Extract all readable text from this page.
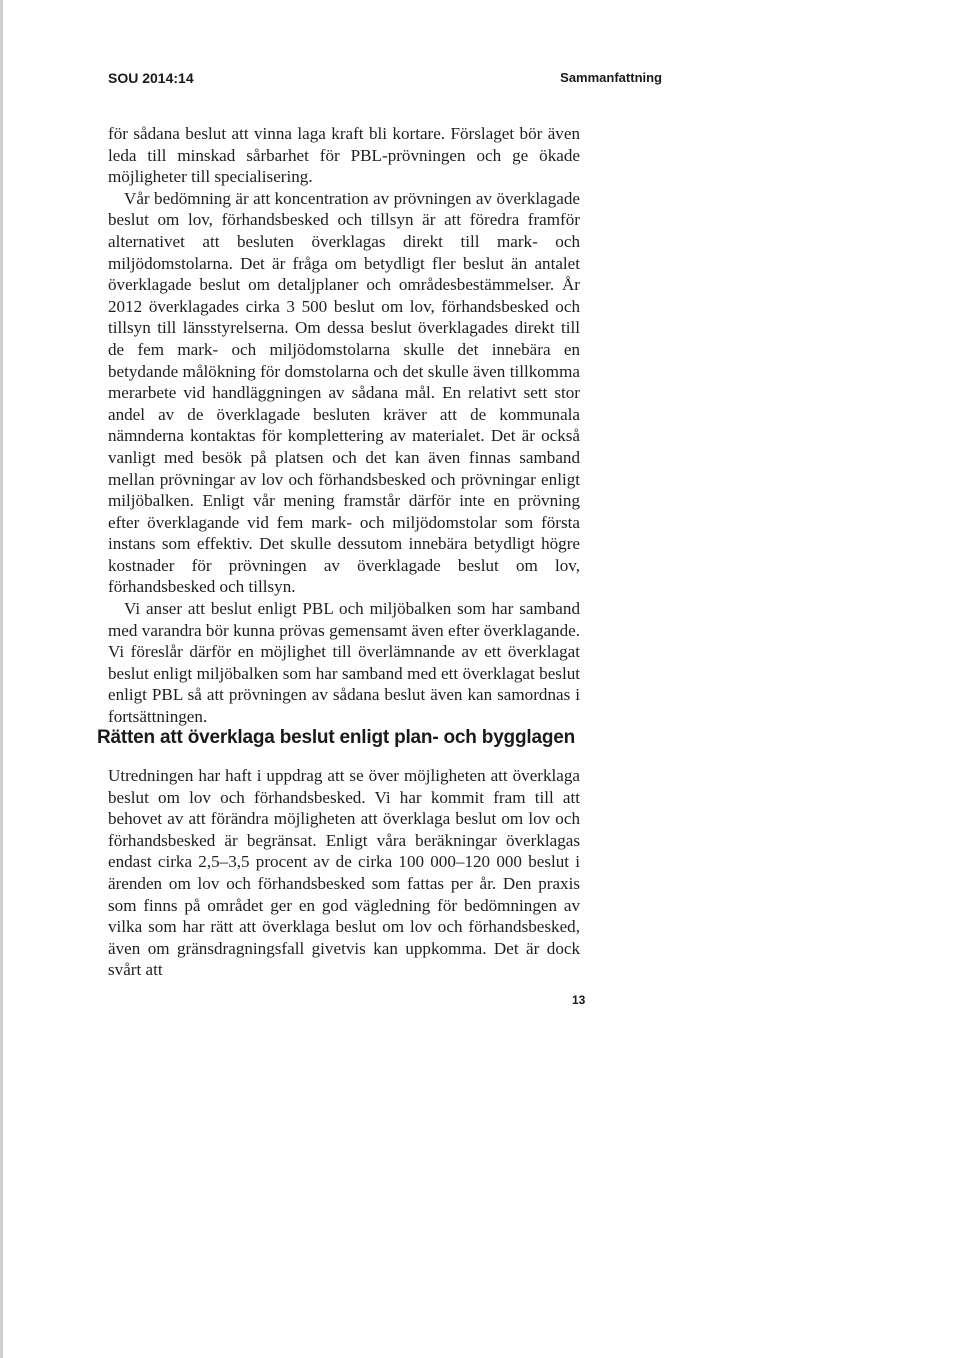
SOU 2014:14	Sammanfattning

för sådana beslut att vinna laga kraft bli kortare. Förslaget bör även leda till minskad sårbarhet för PBL-prövningen och ge ökade möjligheter till specialisering.

Vår bedömning är att koncentration av prövningen av överklagade beslut om lov, förhandsbesked och tillsyn är att föredra framför alternativet att besluten överklagas direkt till mark- och miljödomstolarna. Det är fråga om betydligt fler beslut än antalet överklagade beslut om detaljplaner och områdesbestämmelser. År 2012 överklagades cirka 3 500 beslut om lov, förhandsbesked och tillsyn till länsstyrelserna. Om dessa beslut överklagades direkt till de fem mark- och miljödomstolarna skulle det innebära en betydande målökning för domstolarna och det skulle även tillkomma merarbete vid handläggningen av sådana mål. En relativt sett stor andel av de överklagade besluten kräver att de kommunala nämnderna kontaktas för komplettering av materialet. Det är också vanligt med besök på platsen och det kan även finnas samband mellan prövningar av lov och förhandsbesked och prövningar enligt miljöbalken. Enligt vår mening framstår därför inte en prövning efter överklagande vid fem mark- och miljödomstolar som första instans som effektiv. Det skulle dessutom innebära betydligt högre kostnader för prövningen av överklagade beslut om lov, förhandsbesked och tillsyn.

Vi anser att beslut enligt PBL och miljöbalken som har samband med varandra bör kunna prövas gemensamt även efter överklagande. Vi föreslår därför en möjlighet till överlämnande av ett överklagat beslut enligt miljöbalken som har samband med ett överklagat beslut enligt PBL så att prövningen av sådana beslut även kan samordnas i fortsättningen.

Rätten att överklaga beslut enligt plan- och bygglagen

Utredningen har haft i uppdrag att se över möjligheten att överklaga beslut om lov och förhandsbesked. Vi har kommit fram till att behovet av att förändra möjligheten att överklaga beslut om lov och förhandsbesked är begränsat. Enligt våra beräkningar överklagas endast cirka 2,5–3,5 procent av de cirka 100 000–120 000 beslut i ärenden om lov och förhandsbesked som fattas per år. Den praxis som finns på området ger en god vägledning för bedömningen av vilka som har rätt att överklaga beslut om lov och förhandsbesked, även om gränsdragningsfall givetvis kan uppkomma. Det är dock svårt att

13
